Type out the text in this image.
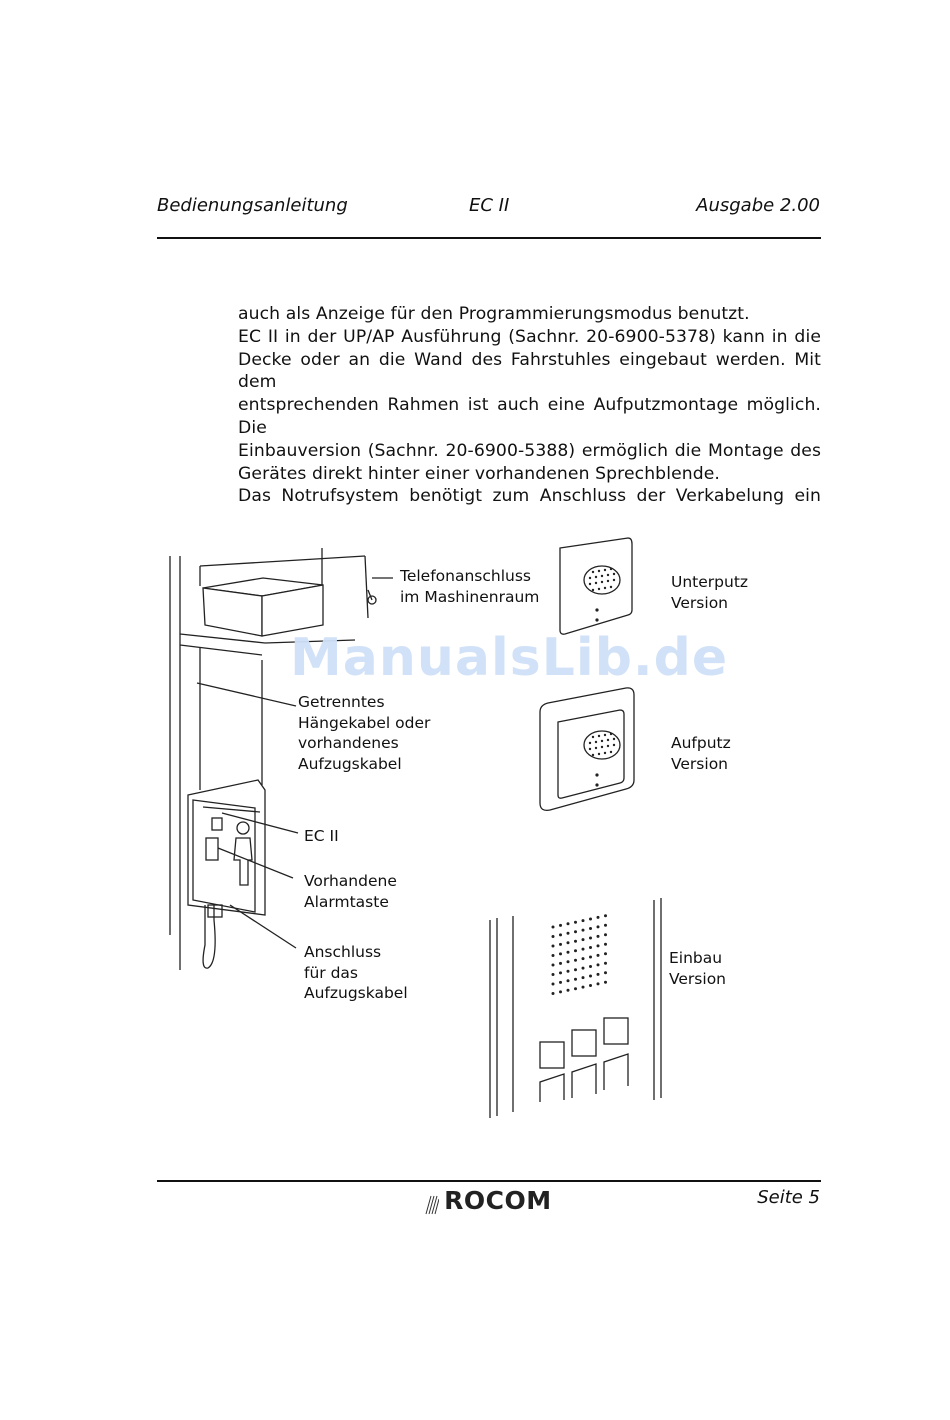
Bedienungsanleitung	EC II	Ausgabe 2.00
auch als Anzeige für den Programmierungsmodus benutzt.
EC II in der UP/AP Ausführung (Sachnr. 20-6900-5378) kann in die
Decke oder an die Wand des Fahrstuhles eingebaut werden. Mit dem
entsprechenden Rahmen ist auch eine Aufputzmontage möglich. Die
Einbauversion (Sachnr. 20-6900-5388) ermöglich die Montage des
Gerätes direkt hinter einer vorhandenen Sprechblende.
Das Notrufsystem benötigt zum Anschluss der Verkabelung ein
Telefonanschluss
im Mashinenraum
Getrenntes
Hängekabel oder
vorhandenes
Aufzugskabel
EC II
Vorhandene
Alarmtaste
Anschluss
für das
Aufzugskabel
Unterputz
Version
Aufputz
Version
Einbau
Version
ManualsLib.de
ROCOM	Seite 5
